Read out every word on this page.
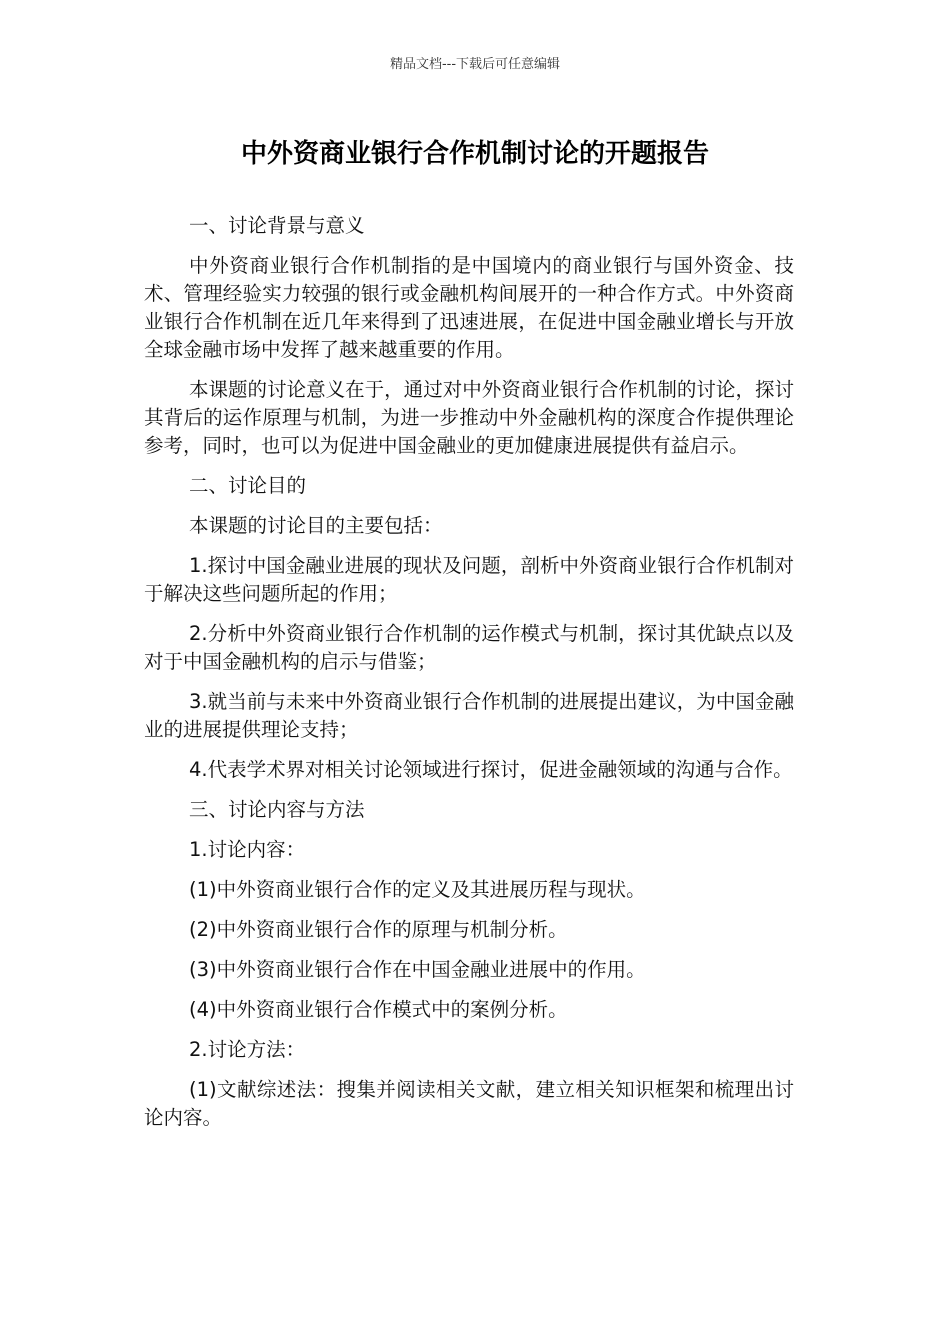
精品文档---下载后可任意编辑
中外资商业银行合作机制讨论的开题报告

一、讨论背景与意义

中外资商业银行合作机制指的是中国境内的商业银行与国外资金、技术、管理经验实力较强的银行或金融机构间展开的一种合作方式。中外资商业银行合作机制在近几年来得到了迅速进展，在促进中国金融业增长与开放全球金融市场中发挥了越来越重要的作用。

本课题的讨论意义在于，通过对中外资商业银行合作机制的讨论，探讨其背后的运作原理与机制，为进一步推动中外金融机构的深度合作提供理论参考，同时，也可以为促进中国金融业的更加健康进展提供有益启示。

二、讨论目的

本课题的讨论目的主要包括：

1.探讨中国金融业进展的现状及问题，剖析中外资商业银行合作机制对于解决这些问题所起的作用；

2.分析中外资商业银行合作机制的运作模式与机制，探讨其优缺点以及对于中国金融机构的启示与借鉴；

3.就当前与未来中外资商业银行合作机制的进展提出建议，为中国金融业的进展提供理论支持；

4.代表学术界对相关讨论领域进行探讨，促进金融领域的沟通与合作。

三、讨论内容与方法

1.讨论内容：

(1)中外资商业银行合作的定义及其进展历程与现状。

(2)中外资商业银行合作的原理与机制分析。

(3)中外资商业银行合作在中国金融业进展中的作用。

(4)中外资商业银行合作模式中的案例分析。

2.讨论方法：

(1)文献综述法：搜集并阅读相关文献，建立相关知识框架和梳理出讨论内容。
